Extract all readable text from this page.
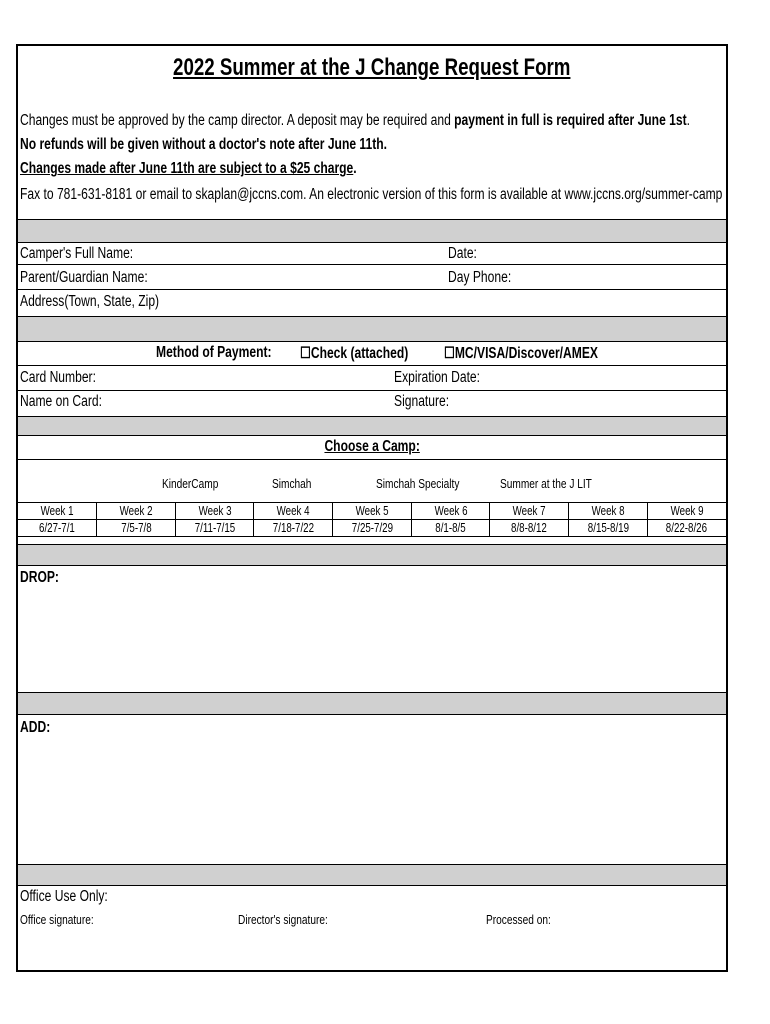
2022 Summer at the J Change Request Form
Changes must be approved by the camp director. A deposit may be required and payment in full is required after June 1st.
No refunds will be given without a doctor's note after June 11th.
Changes made after June 11th are subject to a $25 charge.
Fax to 781-631-8181 or email to skaplan@jccns.com. An electronic version of this form is available at www.jccns.org/summer-camp
Camper's Full Name:	Date:
Parent/Guardian Name:	Day Phone:
Address(Town, State, Zip)
Method of Payment:	☐Check (attached)	☐MC/VISA/Discover/AMEX
Card Number:	Expiration Date:
Name on Card:	Signature:
Choose a Camp:
KinderCamp	Simchah	Simchah Specialty	Summer at the J LIT
Week 1	Week 2	Week 3	Week 4	Week 5	Week 6	Week 7	Week 8	Week 9
6/27-7/1	7/5-7/8	7/11-7/15	7/18-7/22	7/25-7/29	8/1-8/5	8/8-8/12	8/15-8/19	8/22-8/26
DROP:
ADD:
Office Use Only:
Office signature:	Director's signature:	Processed on:
